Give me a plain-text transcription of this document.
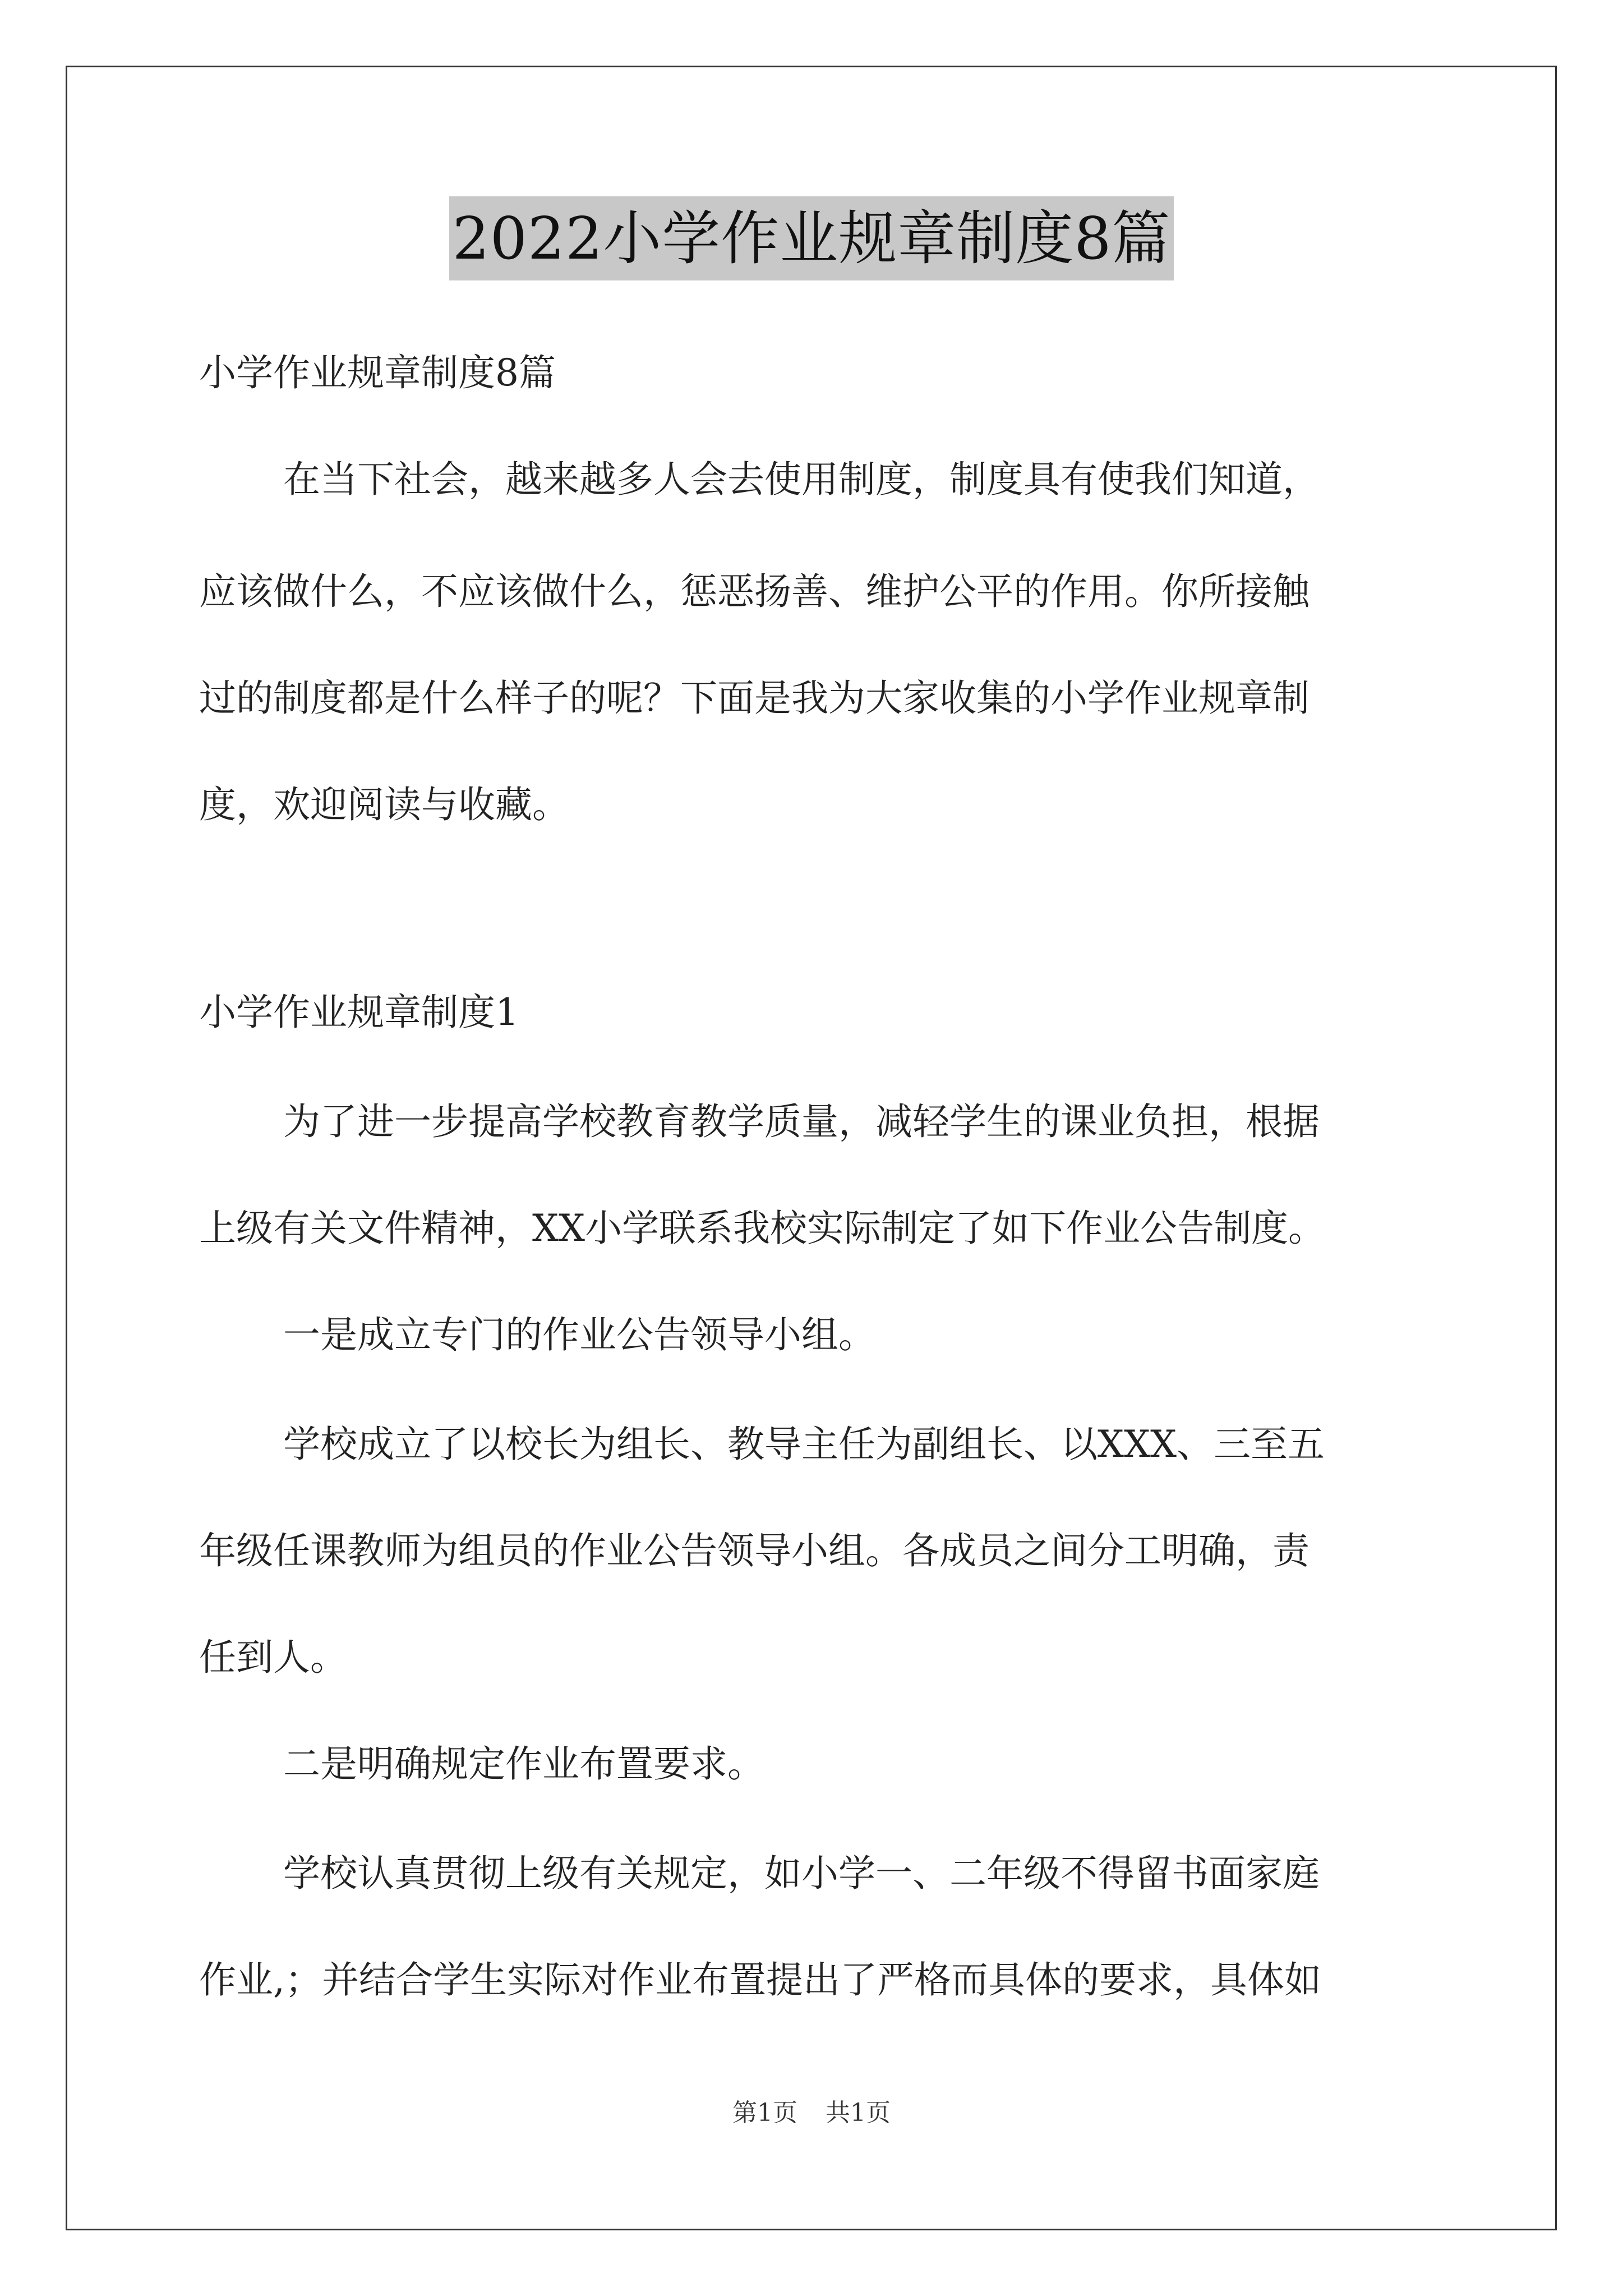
2022小学作业规章制度8篇
小学作业规章制度8篇
在当下社会，越来越多人会去使用制度，制度具有使我们知道，
应该做什么，不应该做什么，惩恶扬善、维护公平的作用。你所接触
过的制度都是什么样子的呢？下面是我为大家收集的小学作业规章制
度，欢迎阅读与收藏。
小学作业规章制度1
为了进一步提高学校教育教学质量，减轻学生的课业负担，根据
上级有关文件精神，XX小学联系我校实际制定了如下作业公告制度。
一是成立专门的作业公告领导小组。
学校成立了以校长为组长、教导主任为副组长、以XXX、三至五
年级任课教师为组员的作业公告领导小组。各成员之间分工明确，责
任到人。
二是明确规定作业布置要求。
学校认真贯彻上级有关规定，如小学一、二年级不得留书面家庭
作业,；并结合学生实际对作业布置提出了严格而具体的要求，具体如
第1页 共1页
